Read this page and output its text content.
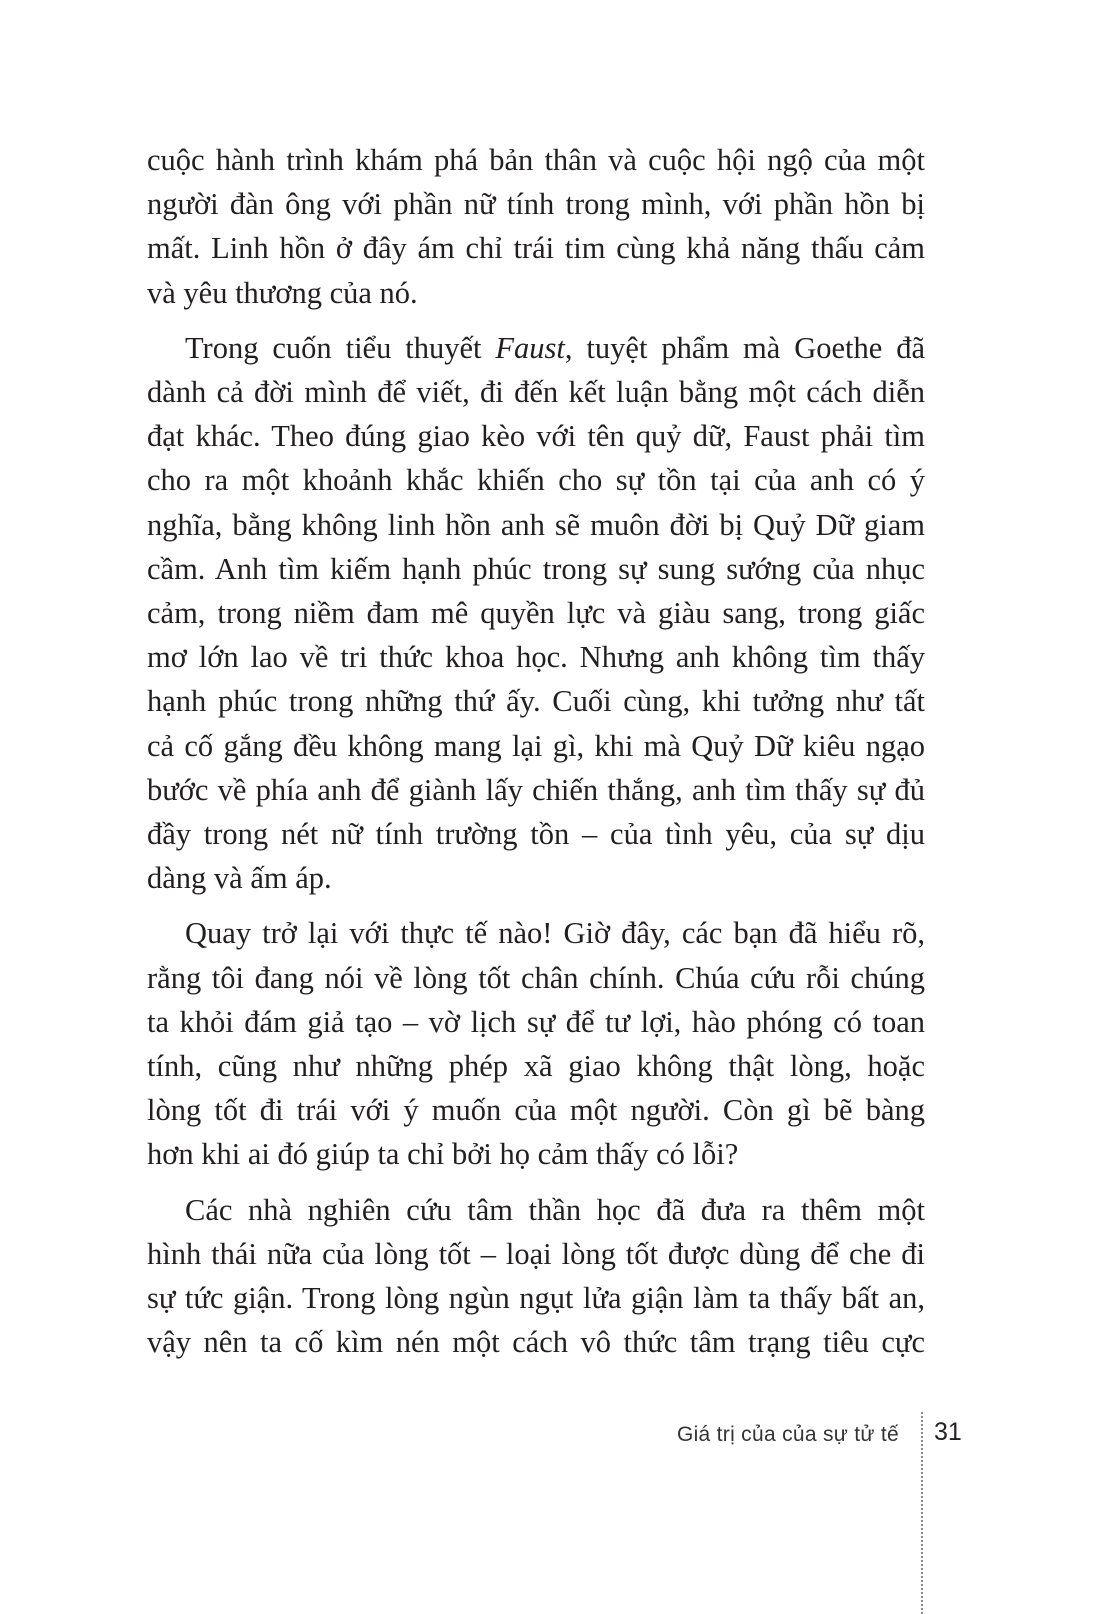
cuộc hành trình khám phá bản thân và cuộc hội ngộ của một
người đàn ông với phần nữ tính trong mình, với phần hồn bị
mất. Linh hồn ở đây ám chỉ trái tim cùng khả năng thấu cảm
và yêu thương của nó.

Trong cuốn tiểu thuyết Faust, tuyệt phẩm mà Goethe đã
dành cả đời mình để viết, đi đến kết luận bằng một cách diễn
đạt khác. Theo đúng giao kèo với tên quỷ dữ, Faust phải tìm
cho ra một khoảnh khắc khiến cho sự tồn tại của anh có ý
nghĩa, bằng không linh hồn anh sẽ muôn đời bị Quỷ Dữ giam
cầm. Anh tìm kiếm hạnh phúc trong sự sung sướng của nhục
cảm, trong niềm đam mê quyền lực và giàu sang, trong giấc
mơ lớn lao về tri thức khoa học. Nhưng anh không tìm thấy
hạnh phúc trong những thứ ấy. Cuối cùng, khi tưởng như tất
cả cố gắng đều không mang lại gì, khi mà Quỷ Dữ kiêu ngạo
bước về phía anh để giành lấy chiến thắng, anh tìm thấy sự đủ
đầy trong nét nữ tính trường tồn – của tình yêu, của sự dịu
dàng và ấm áp.

Quay trở lại với thực tế nào! Giờ đây, các bạn đã hiểu rõ,
rằng tôi đang nói về lòng tốt chân chính. Chúa cứu rỗi chúng
ta khỏi đám giả tạo – vờ lịch sự để tư lợi, hào phóng có toan
tính, cũng như những phép xã giao không thật lòng, hoặc
lòng tốt đi trái với ý muốn của một người. Còn gì bẽ bàng
hơn khi ai đó giúp ta chỉ bởi họ cảm thấy có lỗi?

Các nhà nghiên cứu tâm thần học đã đưa ra thêm một
hình thái nữa của lòng tốt – loại lòng tốt được dùng để che đi
sự tức giận. Trong lòng ngùn ngụt lửa giận làm ta thấy bất an,
vậy nên ta cố kìm nén một cách vô thức tâm trạng tiêu cực

Giá trị của của sự tử tế 31
